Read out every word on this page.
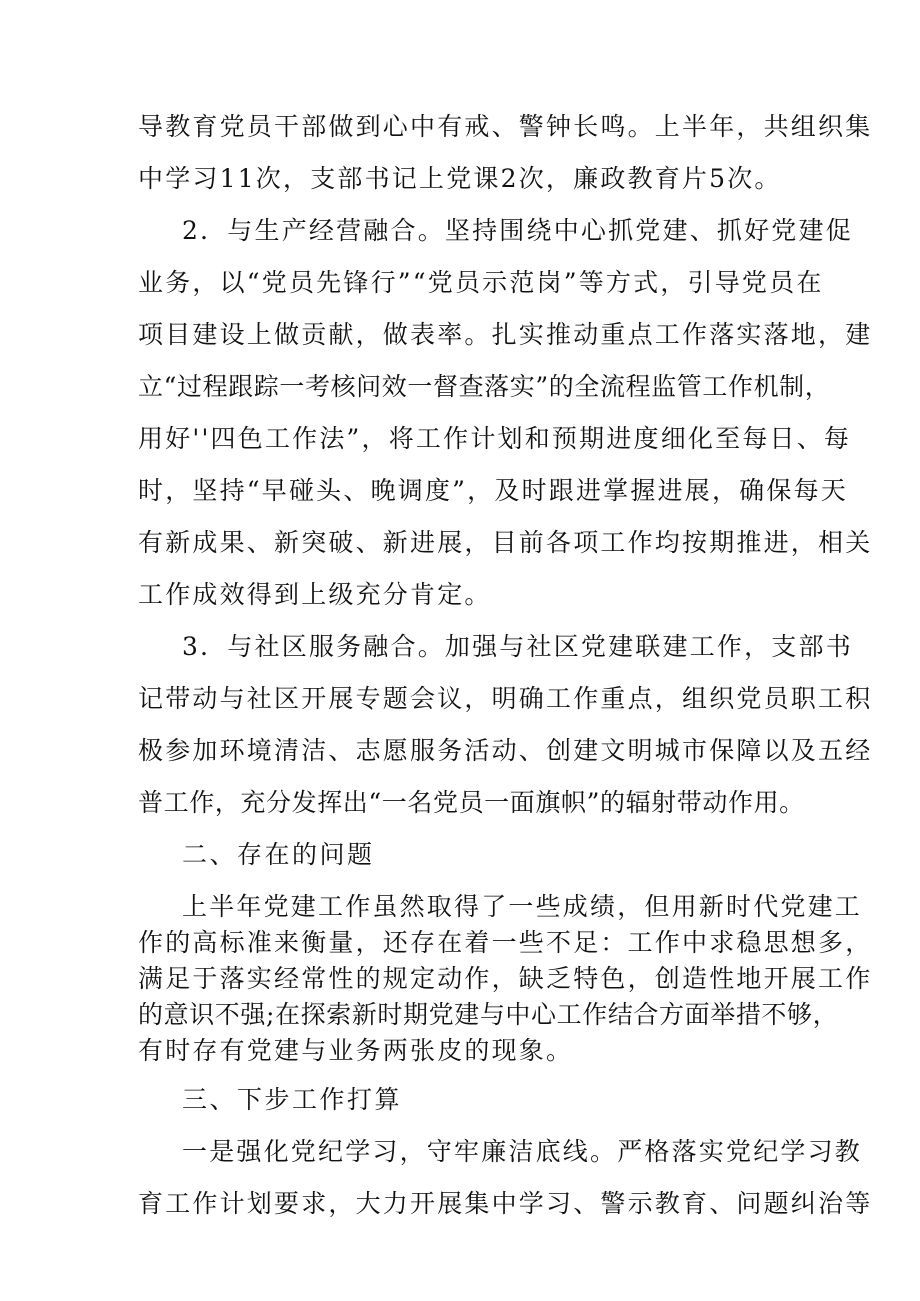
导教育党员干部做到心中有戒、警钟长鸣。上半年，共组织集

中学习11次，支部书记上党课2次，廉政教育片5次。

2．与生产经营融合。坚持围绕中心抓党建、抓好党建促

业务，以“党员先锋行”“党员示范岗”等方式，引导党员在

项目建设上做贡献，做表率。扎实推动重点工作落实落地，建

立“过程跟踪一考核问效一督查落实”的全流程监管工作机制，

用好''四色工作法”，将工作计划和预期进度细化至每日、每

时，坚持“早碰头、晚调度”，及时跟进掌握进展，确保每天

有新成果、新突破、新进展，目前各项工作均按期推进，相关

工作成效得到上级充分肯定。

3．与社区服务融合。加强与社区党建联建工作，支部书

记带动与社区开展专题会议，明确工作重点，组织党员职工积

极参加环境清洁、志愿服务活动、创建文明城市保障以及五经

普工作，充分发挥出“一名党员一面旗帜”的辐射带动作用。

二、存在的问题

上半年党建工作虽然取得了一些成绩，但用新时代党建工

作的高标准来衡量，还存在着一些不足：工作中求稳思想多，

满足于落实经常性的规定动作，缺乏特色，创造性地开展工作

的意识不强;在探索新时期党建与中心工作结合方面举措不够，

有时存有党建与业务两张皮的现象。

三、下步工作打算

一是强化党纪学习，守牢廉洁底线。严格落实党纪学习教

育工作计划要求，大力开展集中学习、警示教育、问题纠治等
